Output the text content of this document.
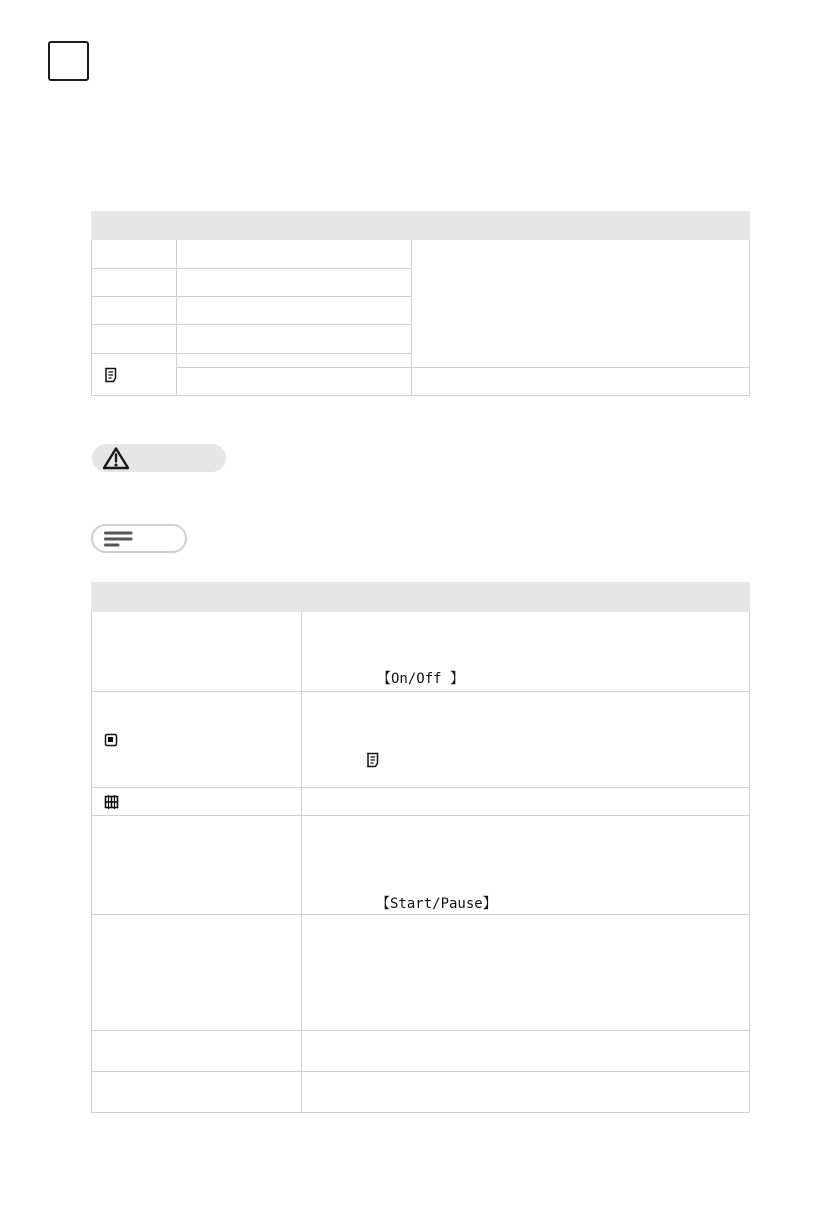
【On/Off 】
【Start/Pause】
